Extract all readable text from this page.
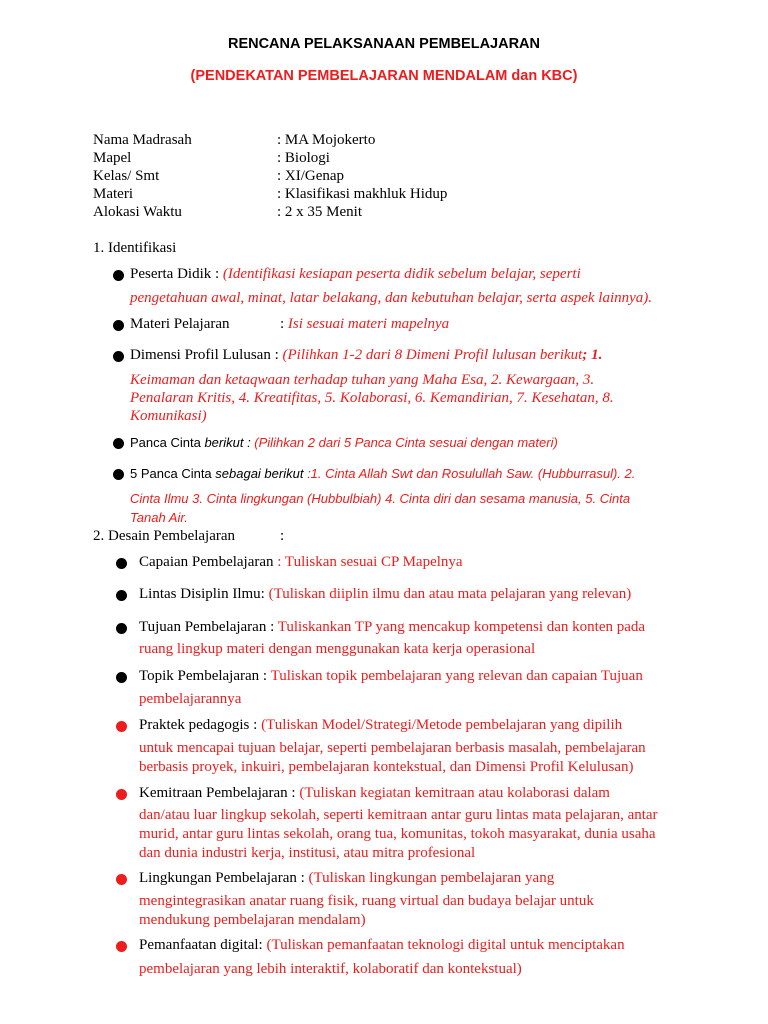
RENCANA PELAKSANAAN PEMBELAJARAN
(PENDEKATAN PEMBELAJARAN MENDALAM dan KBC)
Nama Madrasah	: MA Mojokerto
Mapel	: Biologi
Kelas/ Smt	: XI/Genap
Materi	: Klasifikasi makhluk Hidup
Alokasi Waktu	: 2 x 35 Menit
1. Identifikasi
Peserta Didik : (Identifikasi kesiapan peserta didik sebelum belajar, seperti
pengetahuan awal, minat, latar belakang, dan kebutuhan belajar, serta aspek lainnya).
Materi Pelajaran	: Isi sesuai materi mapelnya
Dimensi Profil Lulusan : (Pilihkan 1-2 dari 8 Dimeni Profil lulusan berikut; 1.
Keimaman dan ketaqwaan terhadap tuhan yang Maha Esa, 2. Kewargaan, 3.
Penalaran Kritis, 4. Kreatifitas, 5. Kolaborasi, 6. Kemandirian, 7. Kesehatan, 8.
Komunikasi)
Panca Cinta berikut : (Pilihkan 2 dari 5 Panca Cinta sesuai dengan materi)
5 Panca Cinta sebagai berikut :1. Cinta Allah Swt dan Rosulullah Saw. (Hubburrasul). 2.
Cinta Ilmu 3. Cinta lingkungan (Hubbulbiah) 4. Cinta diri dan sesama manusia, 5. Cinta
Tanah Air.
2. Desain Pembelajaran	:
Capaian Pembelajaran : Tuliskan sesuai CP Mapelnya
Lintas Disiplin Ilmu: (Tuliskan diiplin ilmu dan atau mata pelajaran yang relevan)
Tujuan Pembelajaran : Tuliskankan TP yang mencakup kompetensi dan konten pada
ruang lingkup materi dengan menggunakan kata kerja operasional
Topik Pembelajaran : Tuliskan topik pembelajaran yang relevan dan capaian Tujuan
pembelajarannya
Praktek pedagogis : (Tuliskan Model/Strategi/Metode pembelajaran yang dipilih
untuk mencapai tujuan belajar, seperti pembelajaran berbasis masalah, pembelajaran
berbasis proyek, inkuiri, pembelajaran kontekstual, dan Dimensi Profil Kelulusan)
Kemitraan Pembelajaran : (Tuliskan kegiatan kemitraan atau kolaborasi dalam
dan/atau luar lingkup sekolah, seperti kemitraan antar guru lintas mata pelajaran, antar
murid, antar guru lintas sekolah, orang tua, komunitas, tokoh masyarakat, dunia usaha
dan dunia industri kerja, institusi, atau mitra profesional
Lingkungan Pembelajaran : (Tuliskan lingkungan pembelajaran yang
mengintegrasikan anatar ruang fisik, ruang virtual dan budaya belajar untuk
mendukung pembelajaran mendalam)
Pemanfaatan digital: (Tuliskan pemanfaatan teknologi digital untuk menciptakan
pembelajaran yang lebih interaktif, kolaboratif dan kontekstual)
